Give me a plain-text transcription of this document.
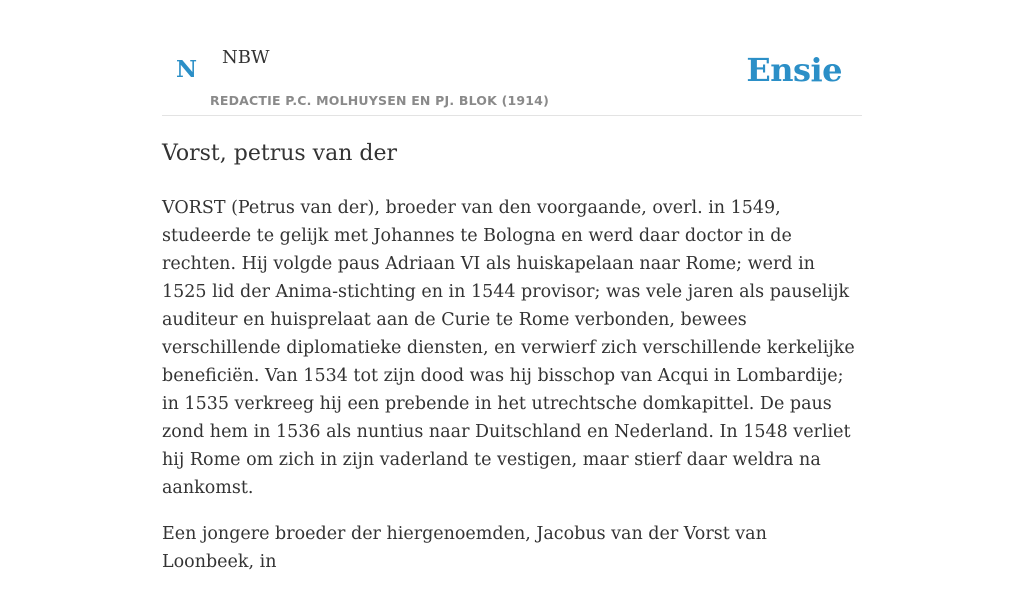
N NBW
REDACTIE P.C. MOLHUYSEN EN PJ. BLOK (1914)
Ensie
Vorst, petrus van der

VORST (Petrus van der), broeder van den voorgaande, overl. in 1549, studeerde te gelijk met Johannes te Bologna en werd daar doctor in de rechten. Hij volgde paus Adriaan VI als huiskapelaan naar Rome; werd in 1525 lid der Anima-stichting en in 1544 provisor; was vele jaren als pauselijk auditeur en huisprelaat aan de Curie te Rome verbonden, bewees verschillende diplomatieke diensten, en verwierf zich verschillende kerkelijke beneficiën. Van 1534 tot zijn dood was hij bisschop van Acqui in Lombardije; in 1535 verkreeg hij een prebende in het utrechtsche domkapittel. De paus zond hem in 1536 als nuntius naar Duitschland en Nederland. In 1548 verliet hij Rome om zich in zijn vaderland te vestigen, maar stierf daar weldra na aankomst.

Een jongere broeder der hiergenoemden, Jacobus van der Vorst van Loonbeek, in
